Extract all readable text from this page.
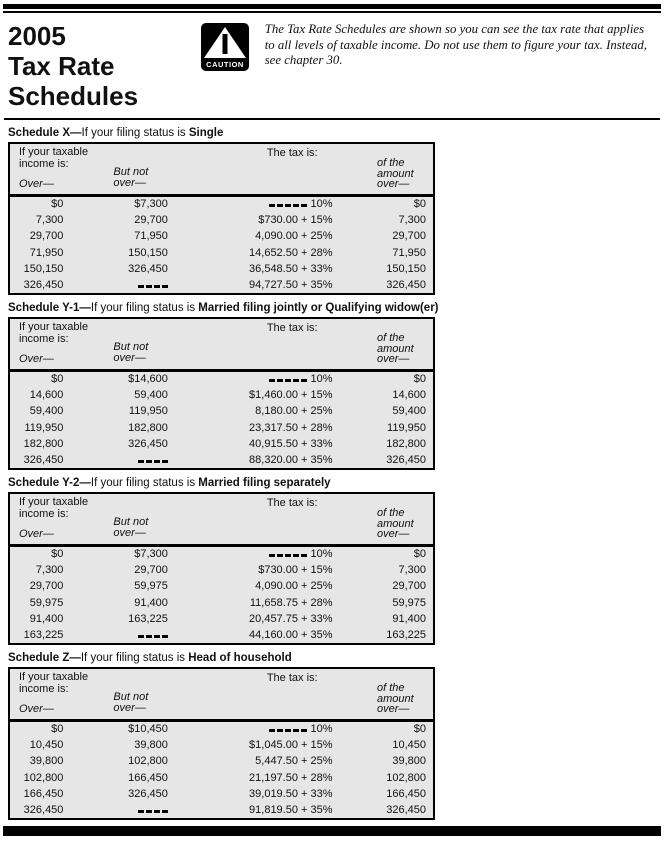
2005
Tax Rate
Schedules
CAUTION
The Tax Rate Schedules are shown so you can see the tax rate that applies to all levels of taxable income. Do not use them to figure your tax. Instead, see chapter 30.
Schedule X—If your filing status is Single
If your taxable income is:
Over—	But not over—	The tax is:	of the amount over—

$0	$7,300	10%	$0
7,300	29,700	$730.00 + 15%	7,300
29,700	71,950	4,090.00 + 25%	29,700
71,950	150,150	14,652.50 + 28%	71,950
150,150	326,450	36,548.50 + 33%	150,150
326,450		94,727.50 + 35%	326,450
Schedule Y-1—If your filing status is Married filing jointly or Qualifying widow(er)
If your taxable income is:
Over—	But not over—	The tax is:	of the amount over—

$0	$14,600	10%	$0
14,600	59,400	$1,460.00 + 15%	14,600
59,400	119,950	8,180.00 + 25%	59,400
119,950	182,800	23,317.50 + 28%	119,950
182,800	326,450	40,915.50 + 33%	182,800
326,450		88,320.00 + 35%	326,450
Schedule Y-2—If your filing status is Married filing separately
If your taxable income is:
Over—	But not over—	The tax is:	of the amount over—

$0	$7,300	10%	$0
7,300	29,700	$730.00 + 15%	7,300
29,700	59,975	4,090.00 + 25%	29,700
59,975	91,400	11,658.75 + 28%	59,975
91,400	163,225	20,457.75 + 33%	91,400
163,225		44,160.00 + 35%	163,225
Schedule Z—If your filing status is Head of household
If your taxable income is:
Over—	But not over—	The tax is:	of the amount over—

$0	$10,450	10%	$0
10,450	39,800	$1,045.00 + 15%	10,450
39,800	102,800	5,447.50 + 25%	39,800
102,800	166,450	21,197.50 + 28%	102,800
166,450	326,450	39,019.50 + 33%	166,450
326,450		91,819.50 + 35%	326,450
